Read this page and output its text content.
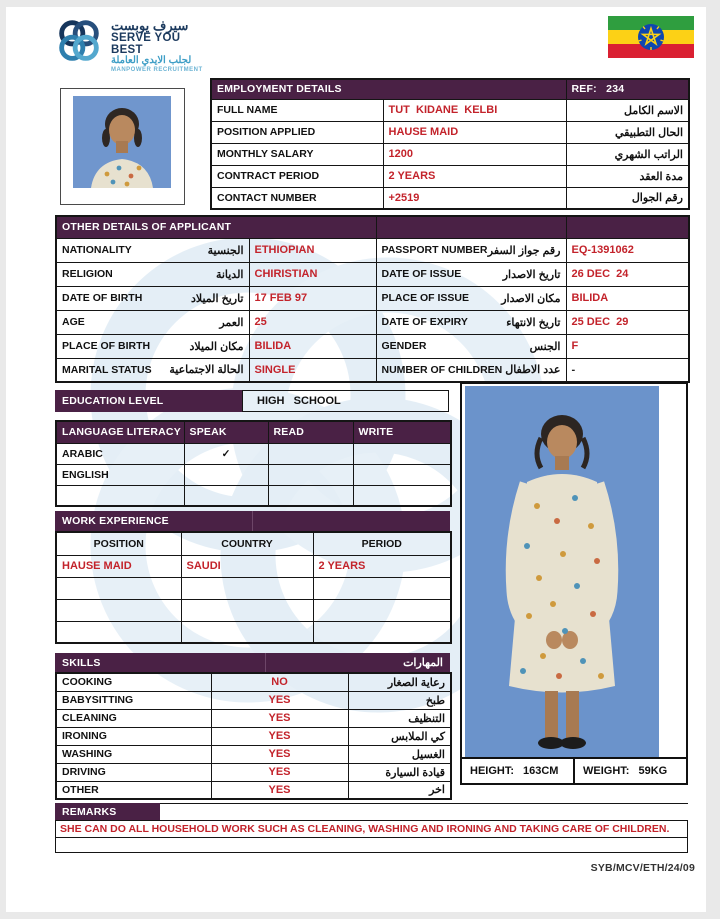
سيرف يوبست
SERVE YOU BEST
لجلب الايدي العاملة
MANPOWER RECRUITMENT
EMPLOYMENT DETAILS		REF:   234
FULL NAME	TUT  KIDANE  KELBI	الاسم الكامل
POSITION APPLIED	HAUSE MAID	الحال التطبيقي
MONTHLY SALARY	1200	الراتب الشهري
CONTRACT PERIOD	2 YEARS	مدة العقد
CONTACT NUMBER	+2519	رقم الجوال
OTHER DETAILS OF APPLICANT			

NATIONALITY الجنسية	ETHIOPIAN	PASSPORT NUMBER رقم جواز السفر	EQ-1391062

RELIGION الديانة	CHIRISTIAN	DATE OF ISSUE تاريخ الاصدار	26 DEC  24

DATE OF BIRTH تاريخ الميلاد	17 FEB 97	PLACE OF ISSUE مكان الاصدار	BILIDA

AGE العمر	25	DATE OF EXPIRY تاريخ الانتهاء	25 DEC  29

PLACE OF BIRTH مكان الميلاد	BILIDA	GENDER الجنس	F

MARITAL STATUS الحالة الاجتماعية	SINGLE	NUMBER OF CHILDREN عدد الاطفال	-
EDUCATION LEVEL	HIGH   SCHOOL
LANGUAGE LITERACY	SPEAK	READ	WRITE
ARABIC	✓		
ENGLISH			

WORK EXPERIENCE
POSITION	COUNTRY	PERIOD
HAUSE MAID	SAUDI	2 YEARS

SKILLS	المهارات
COOKING	NO	رعاية الصغار
BABYSITTING	YES	طبخ
CLEANING	YES	التنظيف
IRONING	YES	كي الملابس
WASHING	YES	الغسيل
DRIVING	YES	قيادة السيارة
OTHER	YES	اخر
HEIGHT: 163CM WEIGHT: 59KG
REMARKS
SHE CAN DO ALL HOUSEHOLD WORK SUCH AS CLEANING, WASHING AND IRONING AND TAKING CARE OF CHILDREN.
SYB/MCV/ETH/24/09
